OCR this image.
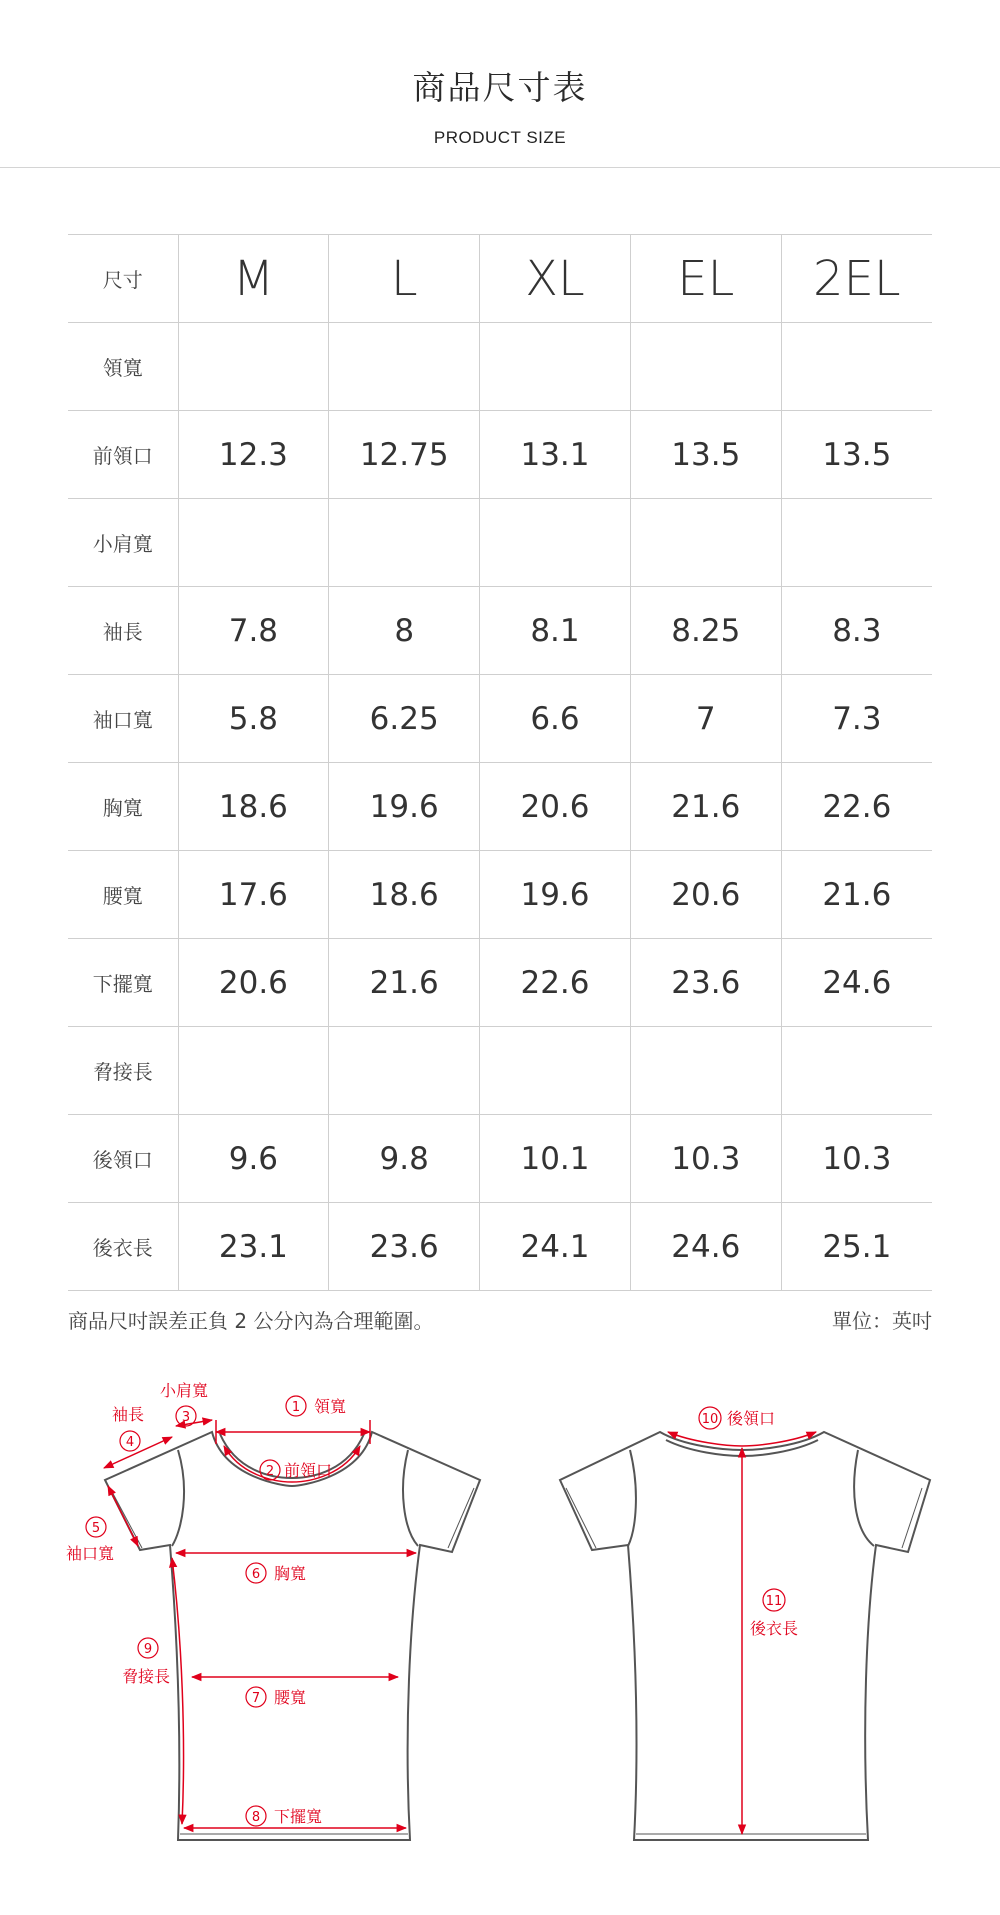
商品尺寸表
PRODUCT SIZE
尺寸	M	L	XL	EL	2EL
領寬					
前領口	12.3	12.75	13.1	13.5	13.5
小肩寬					
袖長	7.8	8	8.1	8.25	8.3
袖口寬	5.8	6.25	6.6	7	7.3
胸寬	18.6	19.6	20.6	21.6	22.6
腰寬	17.6	18.6	19.6	20.6	21.6
下擺寬	20.6	21.6	22.6	23.6	24.6
脅接長					
後領口	9.6	9.8	10.1	10.3	10.3
後衣長	23.1	23.6	24.1	24.6	25.1
商品尺吋誤差正負 2 公分內為合理範圍。	單位：英吋
1 領寬
2 前領口
小肩寬
3
袖長
4
5
袖口寬
6 胸寬
9
脅接長
7 腰寬
8 下擺寬
10 後領口
11
後衣長
